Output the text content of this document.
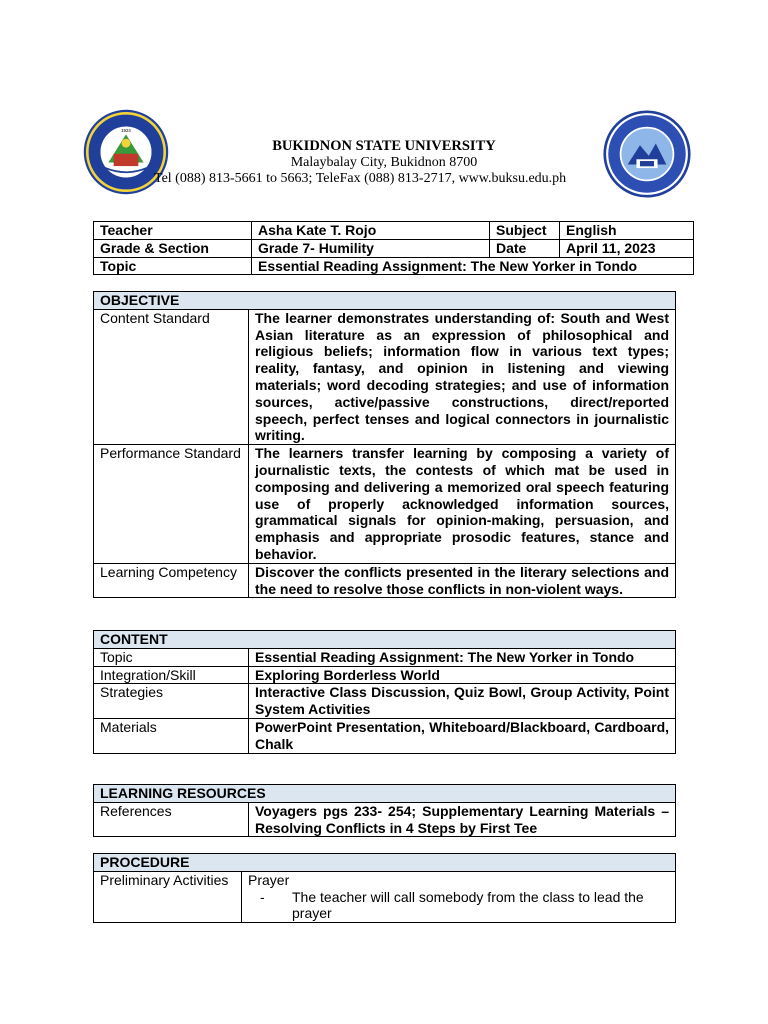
1924
BUKIDNON STATE UNIVERSITY
Malaybalay City, Bukidnon 8700
Tel (088) 813-5661 to 5663; TeleFax (088) 813-2717, www.buksu.edu.ph
Teacher	Asha Kate T. Rojo	Subject	English
Grade & Section	Grade 7- Humility	Date	April 11, 2023
Topic	Essential Reading Assignment: The New Yorker in Tondo		
OBJECTIVE	
Content Standard	The learner demonstrates understanding of: South and West Asian literature as an expression of philosophical and religious beliefs; information flow in various text types; reality, fantasy, and opinion in listening and viewing materials; word decoding strategies; and use of information sources, active/passive constructions, direct/reported speech, perfect tenses and logical connectors in journalistic writing.
Performance Standard	The learners transfer learning by composing a variety of journalistic texts, the contests of which mat be used in composing and delivering a memorized oral speech featuring use of properly acknowledged information sources, grammatical signals for opinion-making, persuasion, and emphasis and appropriate prosodic features, stance and behavior.
Learning Competency	Discover the conflicts presented in the literary selections and the need to resolve those conflicts in non-violent ways.
CONTENT	
Topic	Essential Reading Assignment: The New Yorker in Tondo
Integration/Skill	Exploring Borderless World
Strategies	Interactive Class Discussion, Quiz Bowl, Group Activity, Point System Activities
Materials	PowerPoint Presentation, Whiteboard/Blackboard, Cardboard, Chalk
LEARNING RESOURCES
References	Voyagers pgs 233- 254; Supplementary Learning Materials – Resolving Conflicts in 4 Steps by First Tee
PROCEDURE
Preliminary Activities	Prayer
-	The teacher will call somebody from the class to lead the prayer
